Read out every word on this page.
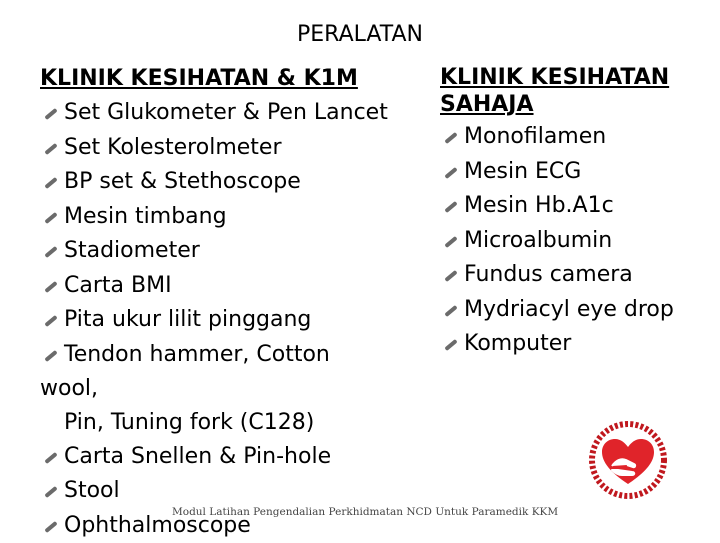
PERALATAN
KLINIK KESIHATAN & K1M
Set Glukometer & Pen Lancet
Set Kolesterolmeter
BP set & Stethoscope
Mesin timbang
Stadiometer
Carta BMI
Pita ukur lilit pinggang
Tendon hammer, Cotton
wool,
Pin, Tuning fork (C128)
Carta Snellen & Pin-hole
Stool
Ophthalmoscope
KLINIK KESIHATAN
SAHAJA
Monofilamen
Mesin ECG
Mesin Hb.A1c
Microalbumin
Fundus camera
Mydriacyl eye drop
Komputer
Modul Latihan Pengendalian Perkhidmatan NCD Untuk Paramedik KKM
